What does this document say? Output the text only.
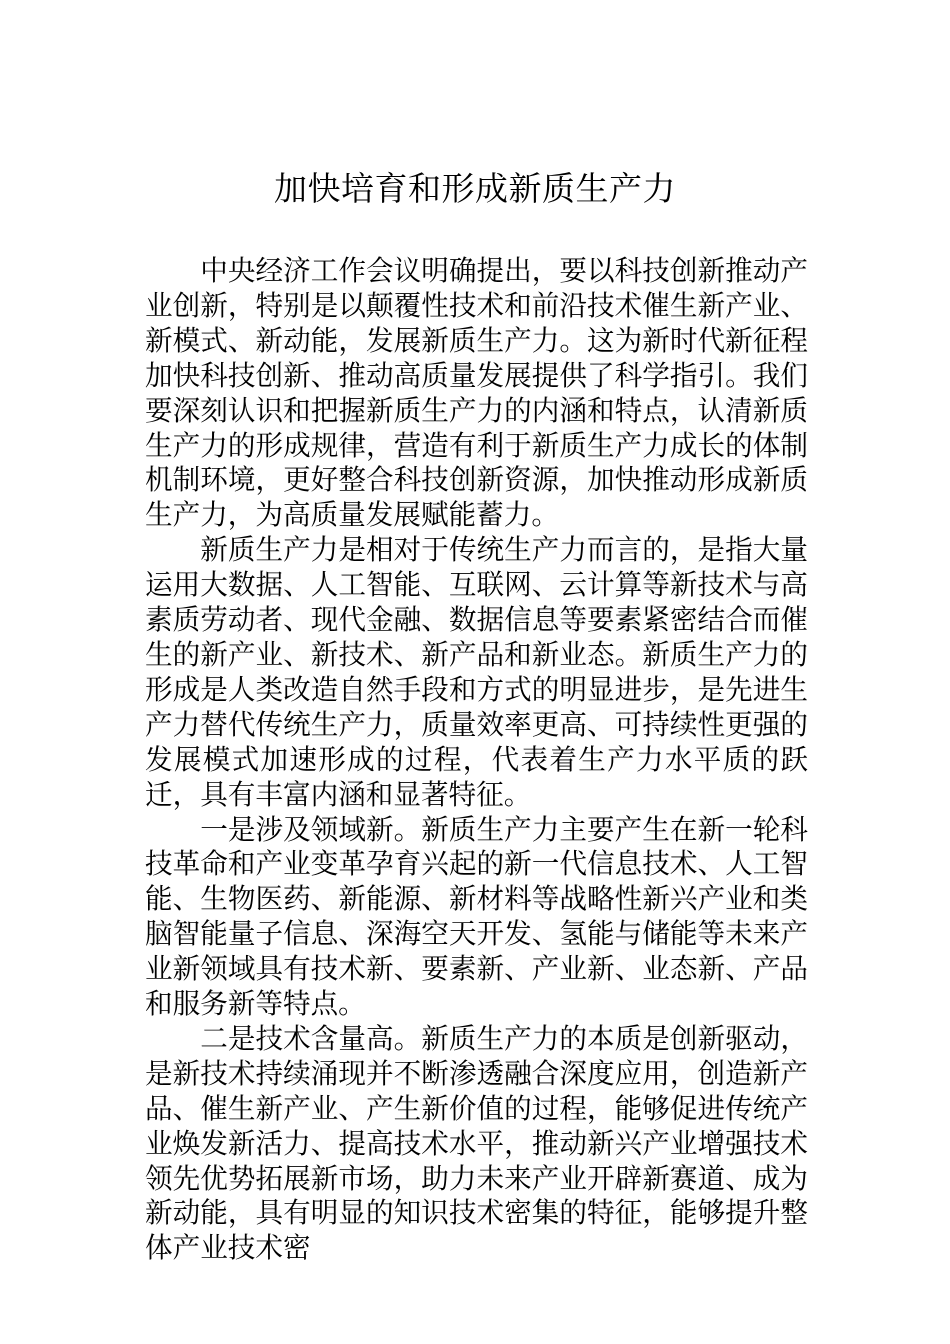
加快培育和形成新质生产力

中央经济工作会议明确提出，要以科技创新推动产业创新，特别是以颠覆性技术和前沿技术催生新产业、新模式、新动能，发展新质生产力。这为新时代新征程加快科技创新、推动高质量发展提供了科学指引。我们要深刻认识和把握新质生产力的内涵和特点，认清新质生产力的形成规律，营造有利于新质生产力成长的体制机制环境，更好整合科技创新资源，加快推动形成新质生产力，为高质量发展赋能蓄力。

新质生产力是相对于传统生产力而言的，是指大量运用大数据、人工智能、互联网、云计算等新技术与高素质劳动者、现代金融、数据信息等要素紧密结合而催生的新产业、新技术、新产品和新业态。新质生产力的形成是人类改造自然手段和方式的明显进步，是先进生产力替代传统生产力，质量效率更高、可持续性更强的发展模式加速形成的过程，代表着生产力水平质的跃迁，具有丰富内涵和显著特征。

一是涉及领域新。新质生产力主要产生在新一轮科技革命和产业变革孕育兴起的新一代信息技术、人工智能、生物医药、新能源、新材料等战略性新兴产业和类脑智能量子信息、深海空天开发、氢能与储能等未来产业新领域具有技术新、要素新、产业新、业态新、产品和服务新等特点。

二是技术含量高。新质生产力的本质是创新驱动，是新技术持续涌现并不断渗透融合深度应用，创造新产品、催生新产业、产生新价值的过程，能够促进传统产业焕发新活力、提高技术水平，推动新兴产业增强技术领先优势拓展新市场，助力未来产业开辟新赛道、成为新动能，具有明显的知识技术密集的特征，能够提升整体产业技术密
